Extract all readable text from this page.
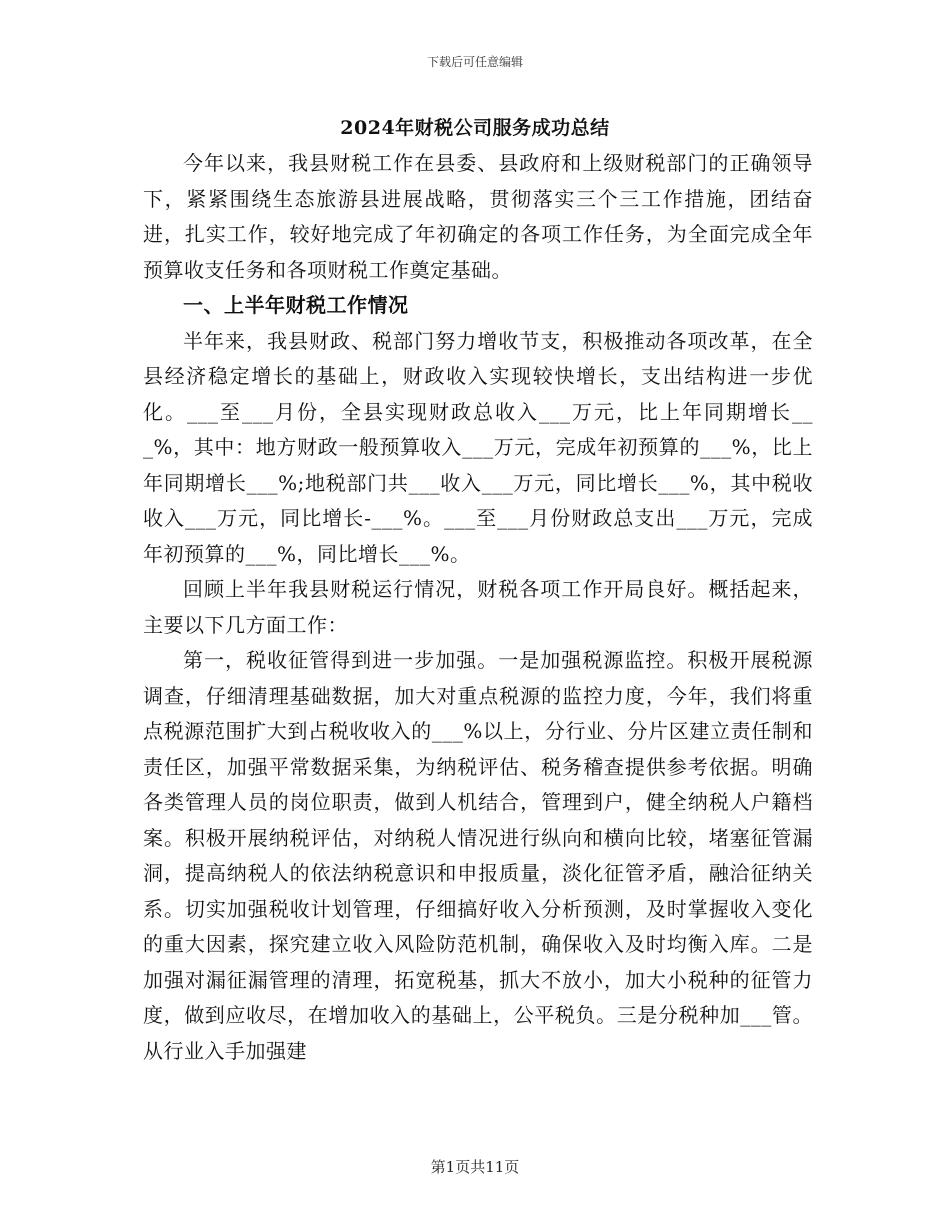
下载后可任意编辑
2024年财税公司服务成功总结

今年以来，我县财税工作在县委、县政府和上级财税部门的正确领导下，紧紧围绕生态旅游县进展战略，贯彻落实三个三工作措施，团结奋进，扎实工作，较好地完成了年初确定的各项工作任务，为全面完成全年预算收支任务和各项财税工作奠定基础。

一、上半年财税工作情况

半年来，我县财政、税部门努力增收节支，积极推动各项改革，在全县经济稳定增长的基础上，财政收入实现较快增长，支出结构进一步优化。___至___月份，全县实现财政总收入___万元，比上年同期增长___%，其中：地方财政一般预算收入___万元，完成年初预算的___%，比上年同期增长___%;地税部门共___收入___万元，同比增长___%，其中税收收入___万元，同比增长-___%。___至___月份财政总支出___万元，完成年初预算的___%，同比增长___%。

回顾上半年我县财税运行情况，财税各项工作开局良好。概括起来，主要以下几方面工作：

第一，税收征管得到进一步加强。一是加强税源监控。积极开展税源调查，仔细清理基础数据，加大对重点税源的监控力度，今年，我们将重点税源范围扩大到占税收收入的___%以上，分行业、分片区建立责任制和责任区，加强平常数据采集，为纳税评估、税务稽查提供参考依据。明确各类管理人员的岗位职责，做到人机结合，管理到户，健全纳税人户籍档案。积极开展纳税评估，对纳税人情况进行纵向和横向比较，堵塞征管漏洞，提高纳税人的依法纳税意识和申报质量，淡化征管矛盾，融洽征纳关系。切实加强税收计划管理，仔细搞好收入分析预测，及时掌握收入变化的重大因素，探究建立收入风险防范机制，确保收入及时均衡入库。二是加强对漏征漏管理的清理，拓宽税基，抓大不放小，加大小税种的征管力度，做到应收尽，在增加收入的基础上，公平税负。三是分税种加___管。从行业入手加强建

第1页共11页
